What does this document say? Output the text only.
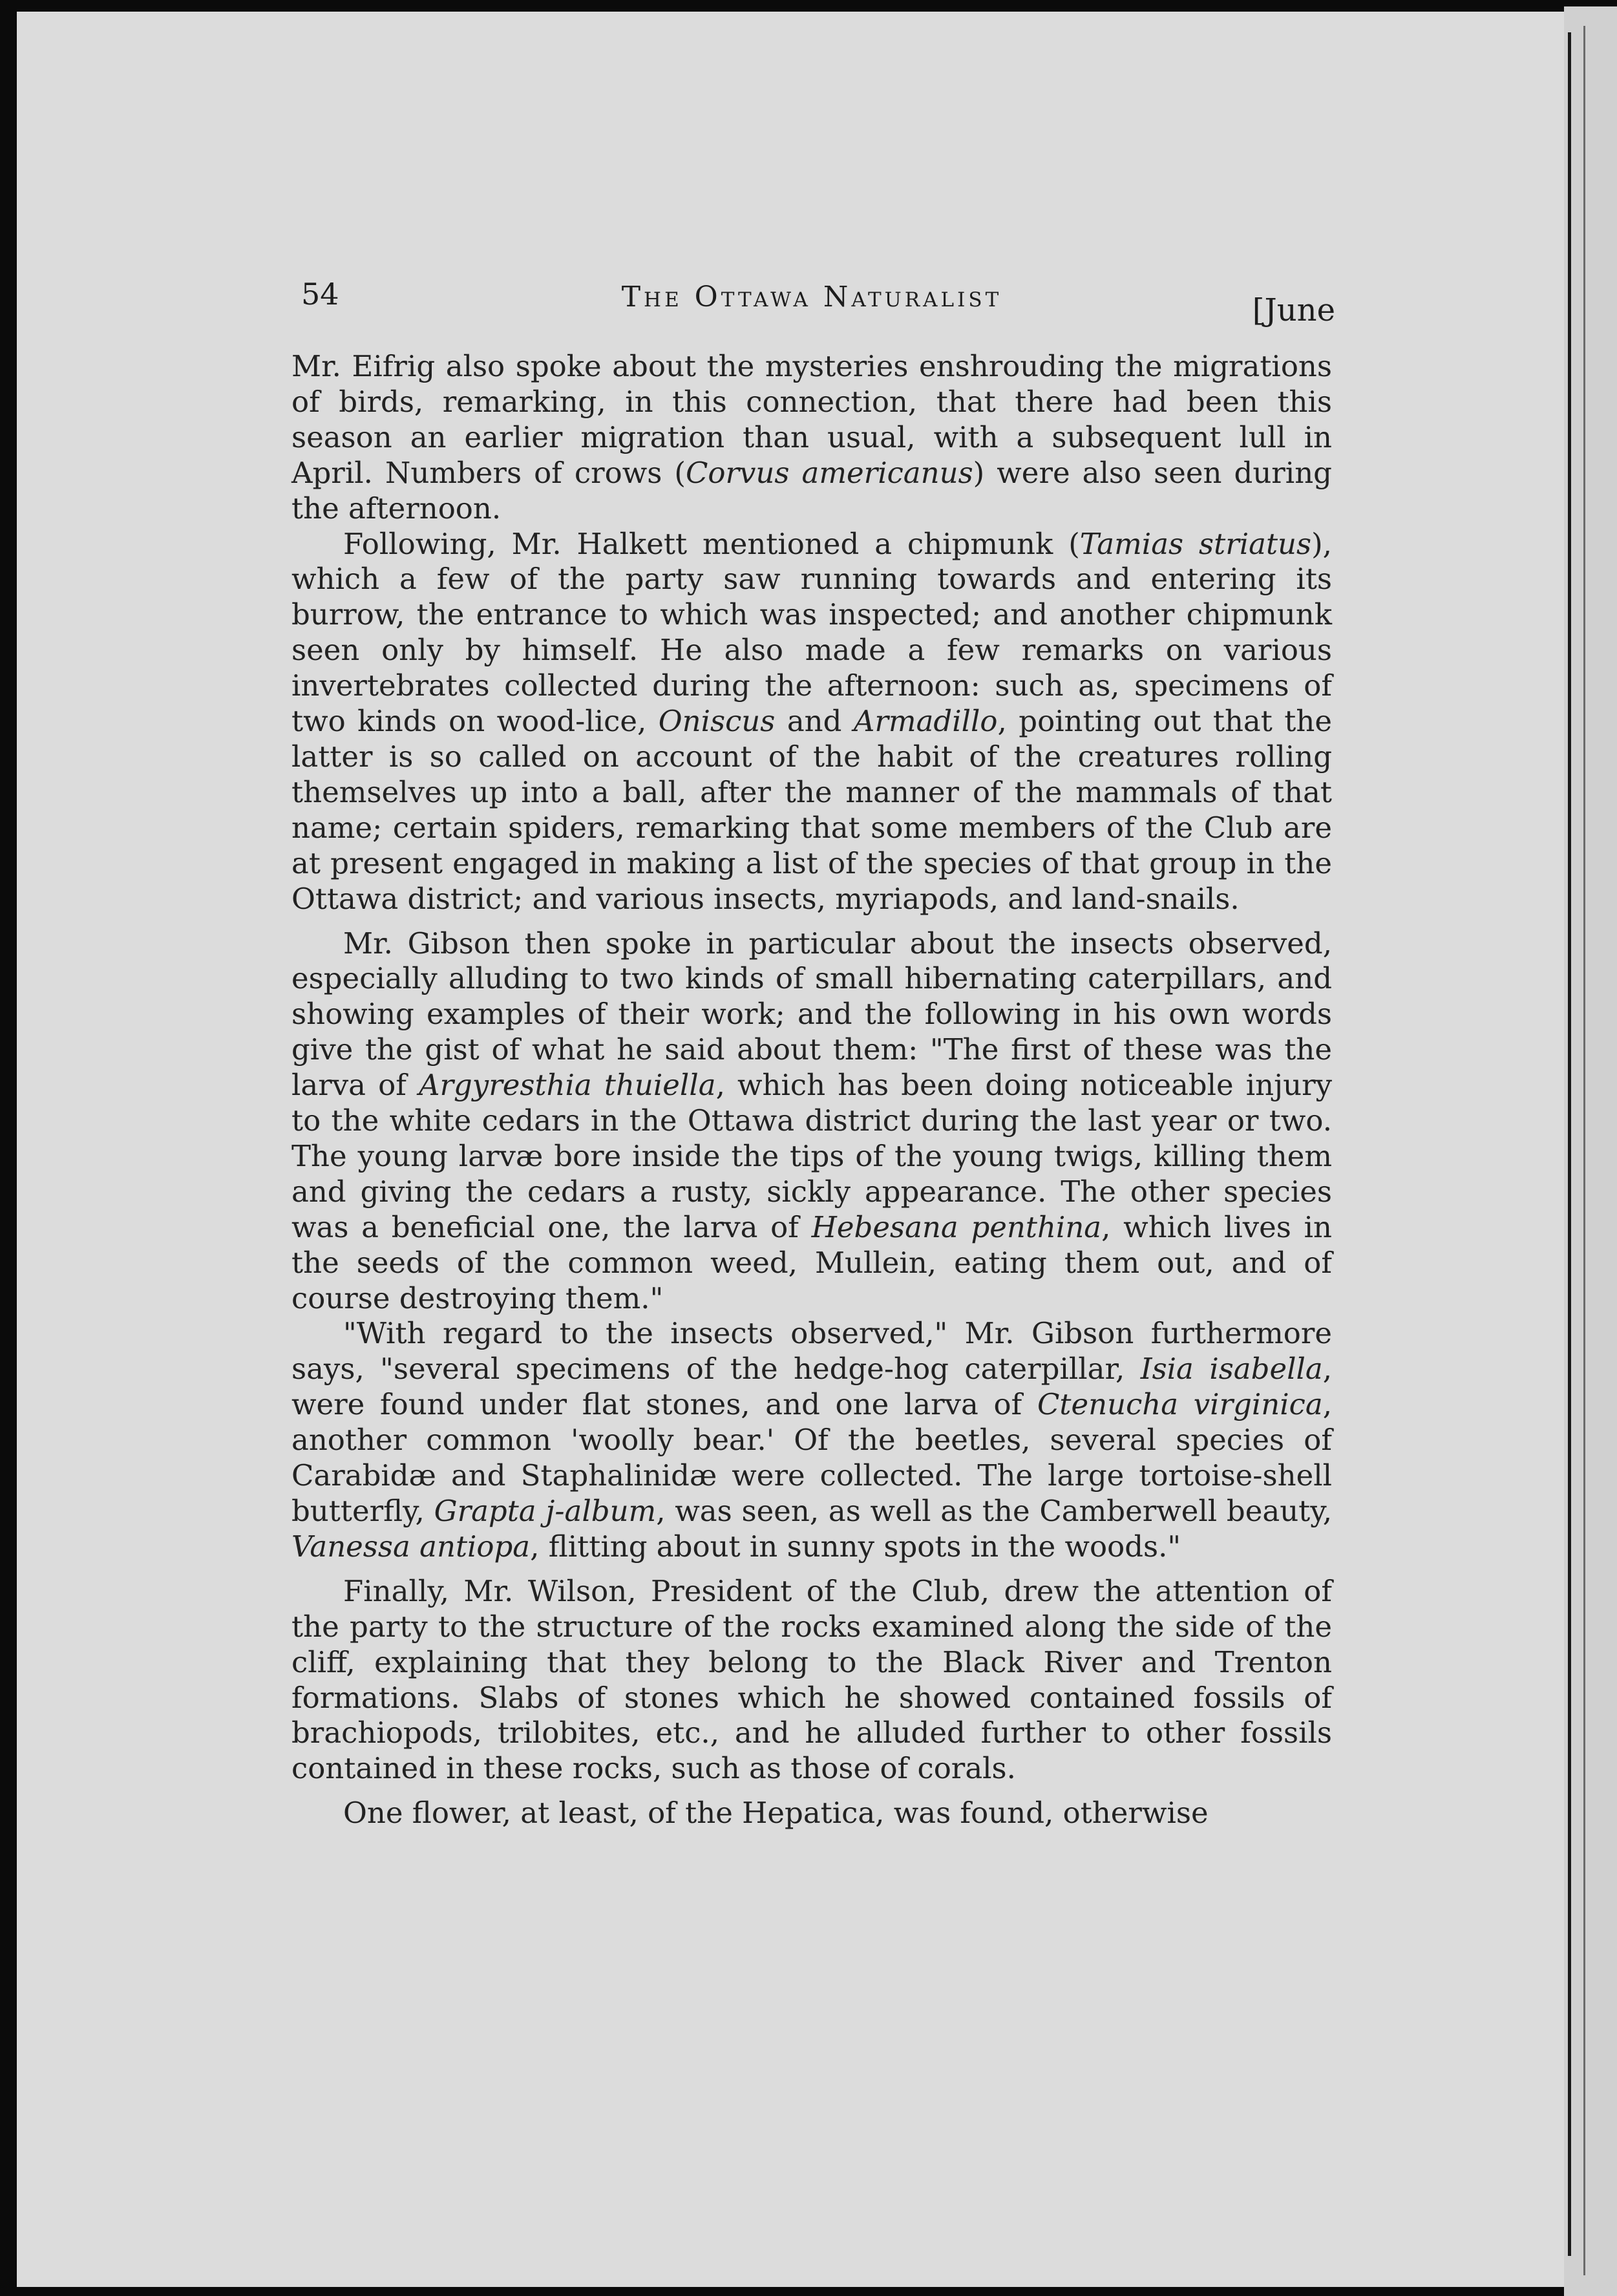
54	The Ottawa Naturalist	[June

Mr. Eifrig also spoke about the mysteries enshrouding the migrations of birds, remarking, in this connection, that there had been this season an earlier migration than usual, with a subsequent lull in April. Numbers of crows (Corvus americanus) were also seen during the afternoon.

Following, Mr. Halkett mentioned a chipmunk (Tamias striatus), which a few of the party saw running towards and entering its burrow, the entrance to which was inspected; and another chipmunk seen only by himself. He also made a few remarks on various invertebrates collected during the afternoon: such as, specimens of two kinds on wood-lice, Oniscus and Armadillo, pointing out that the latter is so called on account of the habit of the creatures rolling themselves up into a ball, after the manner of the mammals of that name; certain spiders, remarking that some members of the Club are at present engaged in making a list of the species of that group in the Ottawa district; and various insects, myriapods, and land-snails.

Mr. Gibson then spoke in particular about the insects observed, especially alluding to two kinds of small hibernating caterpillars, and showing examples of their work; and the following in his own words give the gist of what he said about them: "The first of these was the larva of Argyresthia thuiella, which has been doing noticeable injury to the white cedars in the Ottawa district during the last year or two. The young larvæ bore inside the tips of the young twigs, killing them and giving the cedars a rusty, sickly appearance. The other species was a beneficial one, the larva of Hebesana penthina, which lives in the seeds of the common weed, Mullein, eating them out, and of course destroying them."

"With regard to the insects observed," Mr. Gibson furthermore says, "several specimens of the hedge-hog caterpillar, Isia isabella, were found under flat stones, and one larva of Ctenucha virginica, another common 'woolly bear.' Of the beetles, several species of Carabidæ and Staphalinidæ were collected. The large tortoise-shell butterfly, Grapta j-album, was seen, as well as the Camberwell beauty, Vanessa antiopa, flitting about in sunny spots in the woods."

Finally, Mr. Wilson, President of the Club, drew the attention of the party to the structure of the rocks examined along the side of the cliff, explaining that they belong to the Black River and Trenton formations. Slabs of stones which he showed contained fossils of brachiopods, trilobites, etc., and he alluded further to other fossils contained in these rocks, such as those of corals.

One flower, at least, of the Hepatica, was found, otherwise
